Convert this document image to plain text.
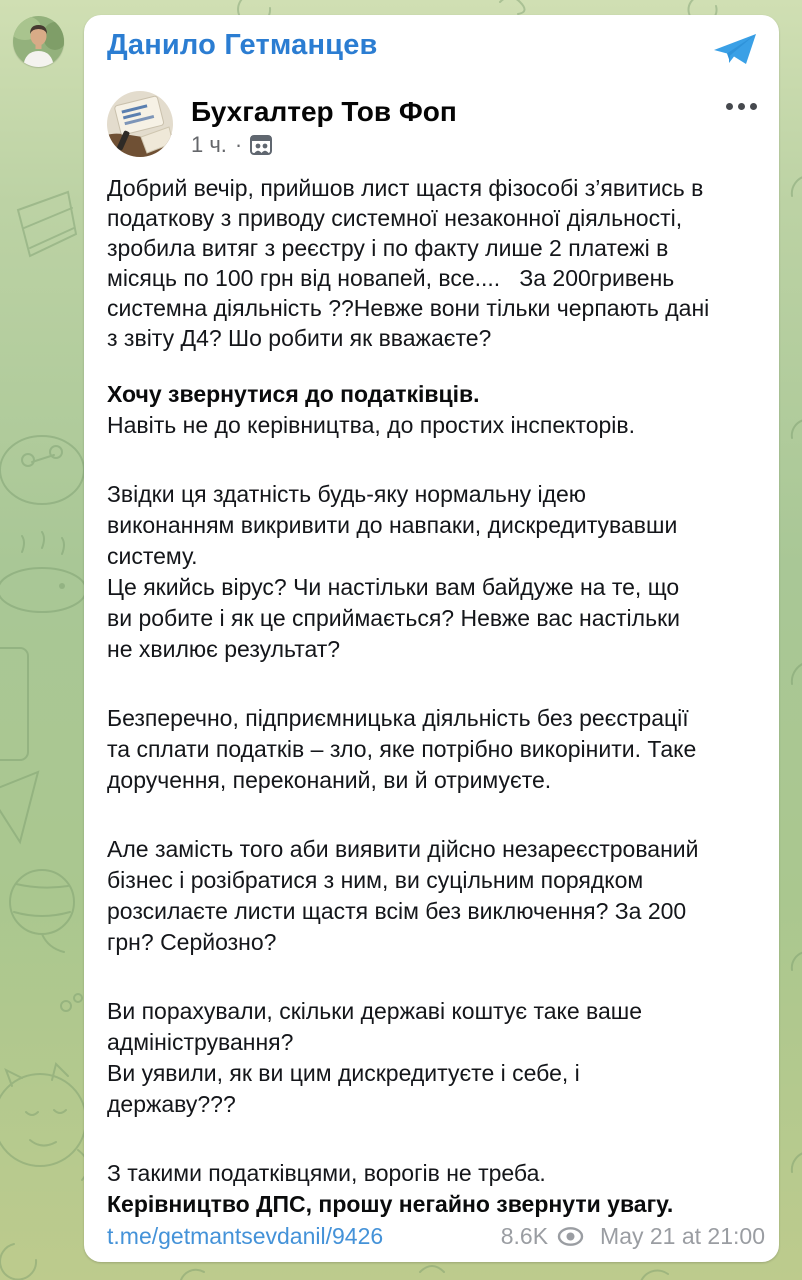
Данило Гетманцев
Бухгалтер Тов Фоп
1 ч. ·
Добрий вечір, прийшов лист щастя фізособі з’явитись в
податкову з приводу системної незаконної діяльності,
зробила витяг з реєстру і по факту лише 2 платежі в
місяць по 100 грн від новапей, все....   За 200гривень
системна діяльність ??Невже вони тільки черпають дані
з звіту Д4? Шо робити як вважаєте?
Хочу звернутися до податківців.
Навіть не до керівництва, до простих інспекторів.
Звідки ця здатність будь-яку нормальну ідею
виконанням викривити до навпаки, дискредитувавши
систему.
Це якийсь вірус? Чи настільки вам байдуже на те, що
ви робите і як це сприймається? Невже вас настільки
не хвилює результат?
Безперечно, підприємницька діяльність без реєстрації
та сплати податків – зло, яке потрібно викорінити. Таке
доручення, переконаний, ви й отримуєте.
Але замість того аби виявити дійсно незареєстрований
бізнес і розібратися з ним, ви суцільним порядком
розсилаєте листи щастя всім без виключення? За 200
грн? Серйозно?
Ви порахували, скільки державі коштує таке ваше
адміністрування?
Ви уявили, як ви цим дискредитуєте і себе, і
державу???
З такими податківцями, ворогів не треба.
Керівництво ДПС, прошу негайно звернути увагу.
t.me/getmantsevdanil/9426	8.6K May 21 at 21:00
